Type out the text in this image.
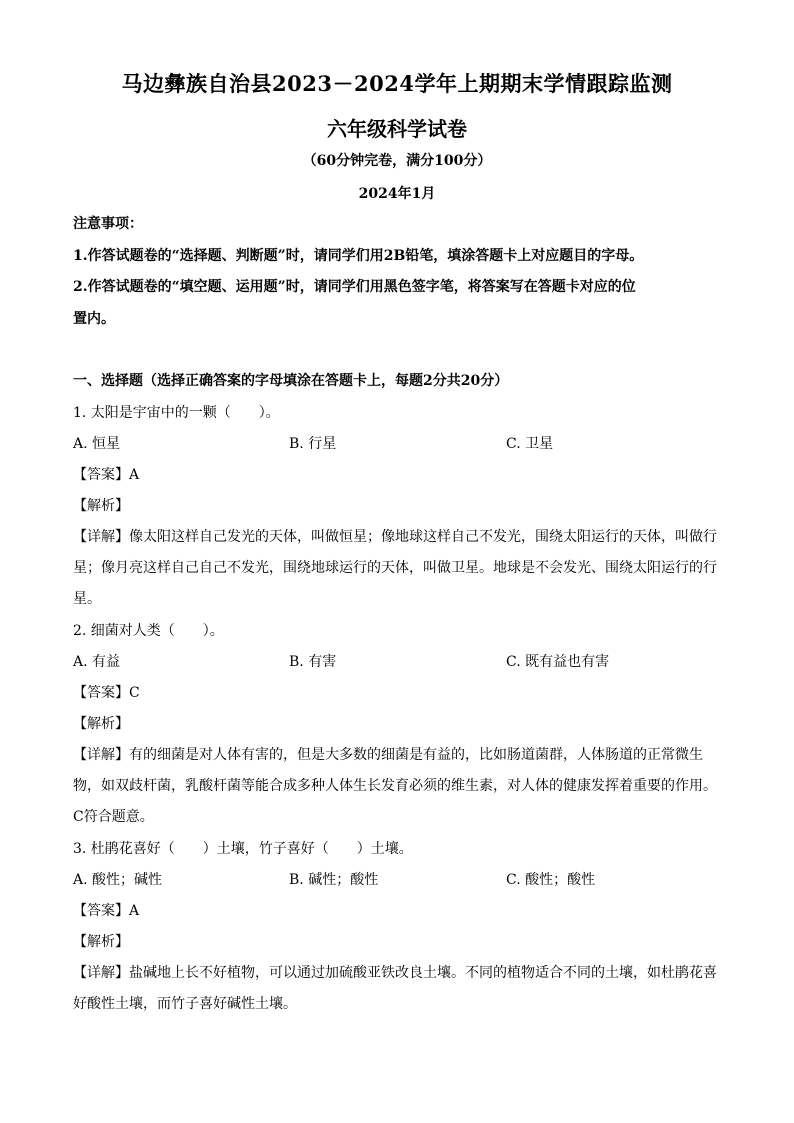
马边彝族自治县2023－2024学年上期期末学情跟踪监测
六年级科学试卷
（60分钟完卷，满分100分）
2024年1月
注意事项：
1.作答试题卷的“选择题、判断题”时，请同学们用2B铅笔，填涂答题卡上对应题目的字母。
2.作答试题卷的“填空题、运用题”时，请同学们用黑色签字笔，将答案写在答题卡对应的位
置内。
一、选择题（选择正确答案的字母填涂在答题卡上，每题2分共20分）
1. 太阳是宇宙中的一颗（　　）。
A. 恒星	B. 行星	C. 卫星
【答案】A
【解析】
【详解】像太阳这样自己发光的天体，叫做恒星；像地球这样自己不发光，围绕太阳运行的天体，叫做行
星；像月亮这样自己自己不发光，围绕地球运行的天体，叫做卫星。地球是不会发光、围绕太阳运行的行
星。
2. 细菌对人类（　　）。
A. 有益	B. 有害	C. 既有益也有害
【答案】C
【解析】
【详解】有的细菌是对人体有害的，但是大多数的细菌是有益的，比如肠道菌群，人体肠道的正常微生
物，如双歧杆菌，乳酸杆菌等能合成多种人体生长发育必须的维生素，对人体的健康发挥着重要的作用。
C符合题意。
3. 杜鹃花喜好（　　）土壤，竹子喜好（　　）土壤。
A. 酸性；碱性	B. 碱性；酸性	C. 酸性；酸性
【答案】A
【解析】
【详解】盐碱地上长不好植物，可以通过加硫酸亚铁改良土壤。不同的植物适合不同的土壤，如杜鹃花喜
好酸性土壤，而竹子喜好碱性土壤。
